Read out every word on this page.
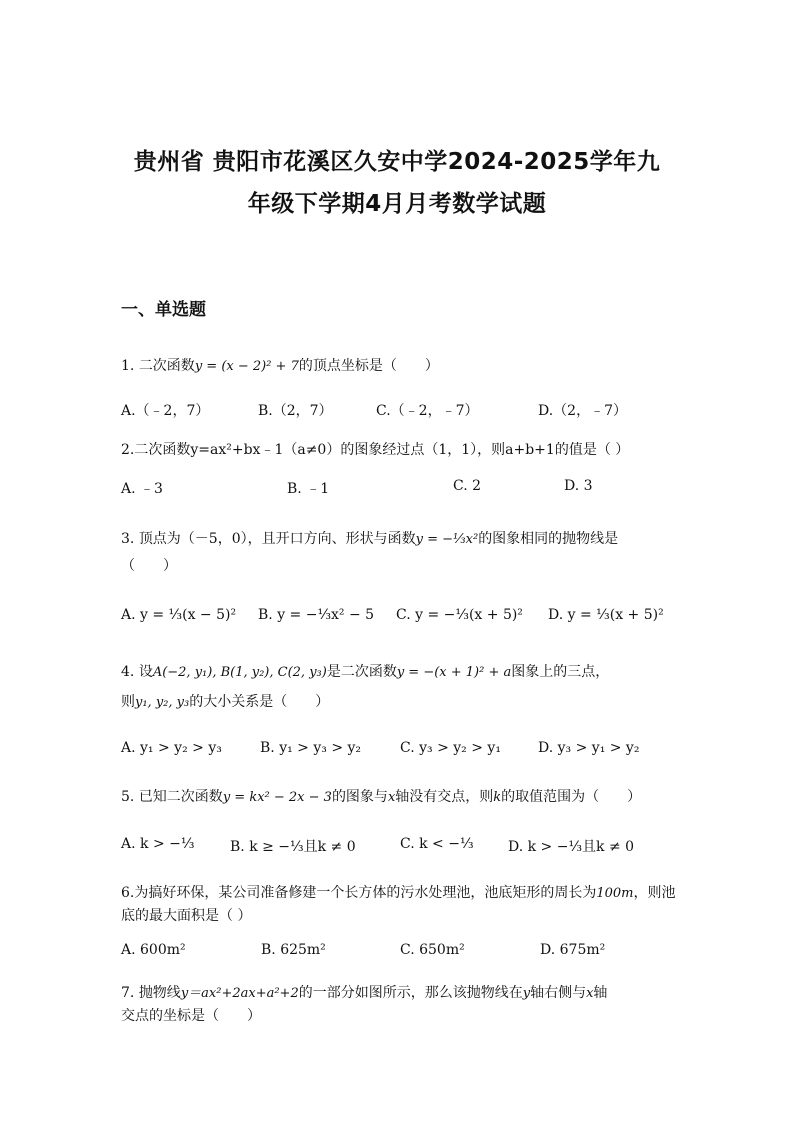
贵州省 贵阳市花溪区久安中学2024-2025学年九
年级下学期4月月考数学试题
一、单选题
1. 二次函数y = (x − 2)² + 7的顶点坐标是（　　）
A.（﹣2，7）	B.（2，7）	C.（﹣2，﹣7）	D.（2，﹣7）
2.二次函数y=ax²+bx﹣1（a≠0）的图象经过点（1，1），则a+b+1的值是（ ）
A. ﹣3	B. ﹣1	C. 2	D. 3
3. 顶点为（－5，0），且开口方向、形状与函数y = −⅓x²的图象相同的抛物线是
（　　）
A. y = ⅓(x − 5)² B. y = −⅓x² − 5 C. y = −⅓(x + 5)² D. y = ⅓(x + 5)²
4. 设A(−2, y₁), B(1, y₂), C(2, y₃)是二次函数y = −(x + 1)² + a图象上的三点，
则y₁, y₂, y₃的大小关系是（　　）
A. y₁ > y₂ > y₃	B. y₁ > y₃ > y₂	C. y₃ > y₂ > y₁	D. y₃ > y₁ > y₂
5. 已知二次函数y = kx² − 2x − 3的图象与x轴没有交点，则k的取值范围为（　　）
A. k > −⅓	B. k ≥ −⅓且k ≠ 0	C. k < −⅓ D. k > −⅓且k ≠ 0
6.为搞好环保，某公司准备修建一个长方体的污水处理池，池底矩形的周长为100m，则池
底的最大面积是（ ）
A. 600m²	B. 625m²	C. 650m²	D. 675m²
7. 抛物线y＝ax²+2ax+a²+2的一部分如图所示，那么该抛物线在y轴右侧与x轴
交点的坐标是（　　）
